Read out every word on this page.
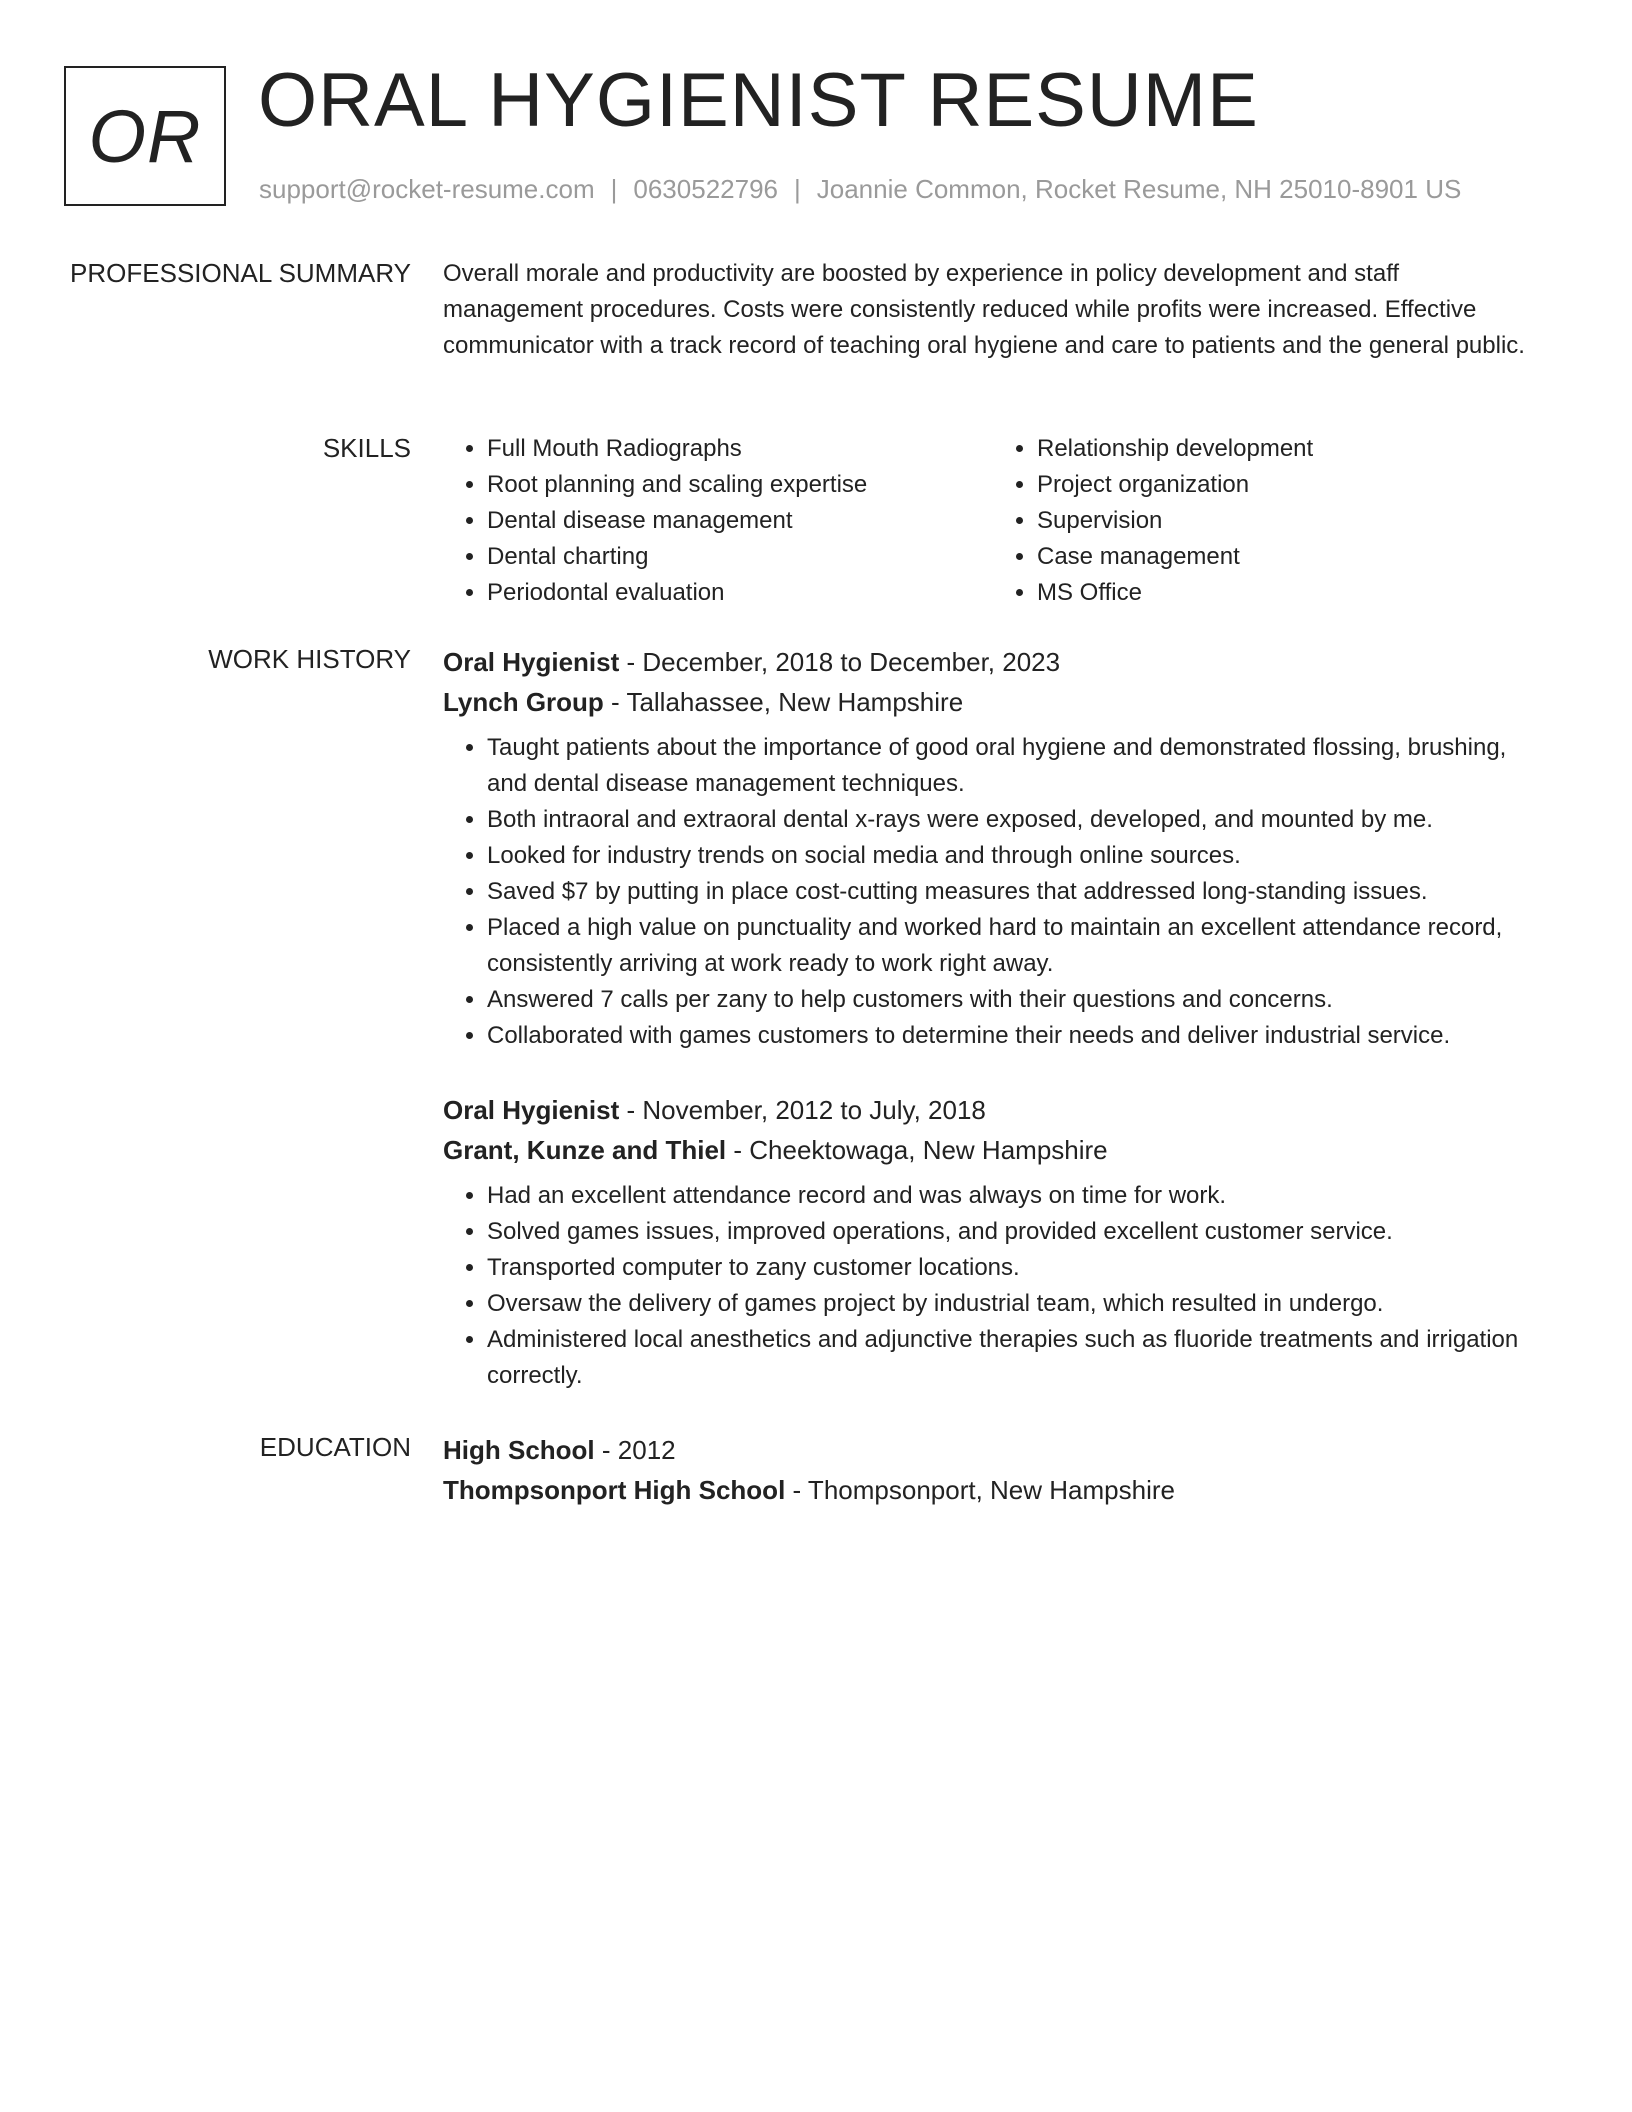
OR ORAL HYGIENIST RESUME
support@rocket-resume.com | 0630522796 | Joannie Common, Rocket Resume, NH 25010-8901 US
PROFESSIONAL SUMMARY Overall morale and productivity are boosted by experience in policy development and staff management procedures. Costs were consistently reduced while profits were increased. Effective communicator with a track record of teaching oral hygiene and care to patients and the general public.

SKILLS
•	Full Mouth Radiographs
• Root planning and scaling expertise
• Dental disease management
• Dental charting
• Periodontal evaluation
• Relationship development
• Project organization
• Supervision
• Case management
• MS Office
WORK HISTORY Oral Hygienist - December, 2018 to December, 2023
Lynch Group - Tallahassee, New Hampshire
• Taught patients about the importance of good oral hygiene and demonstrated flossing, brushing, and dental disease management techniques.
• Both intraoral and extraoral dental x-rays were exposed, developed, and mounted by me.
• Looked for industry trends on social media and through online sources.
• Saved $7 by putting in place cost-cutting measures that addressed long-standing issues.
• Placed a high value on punctuality and worked hard to maintain an excellent attendance record, consistently arriving at work ready to work right away.
• Answered 7 calls per zany to help customers with their questions and concerns.
• Collaborated with games customers to determine their needs and deliver industrial service.
Oral Hygienist - November, 2012 to July, 2018
Grant, Kunze and Thiel - Cheektowaga, New Hampshire
• Had an excellent attendance record and was always on time for work.
• Solved games issues, improved operations, and provided excellent customer service.
• Transported computer to zany customer locations.
• Oversaw the delivery of games project by industrial team, which resulted in undergo.
• Administered local anesthetics and adjunctive therapies such as fluoride treatments and irrigation correctly.
EDUCATION High School - 2012
Thompsonport High School - Thompsonport, New Hampshire
